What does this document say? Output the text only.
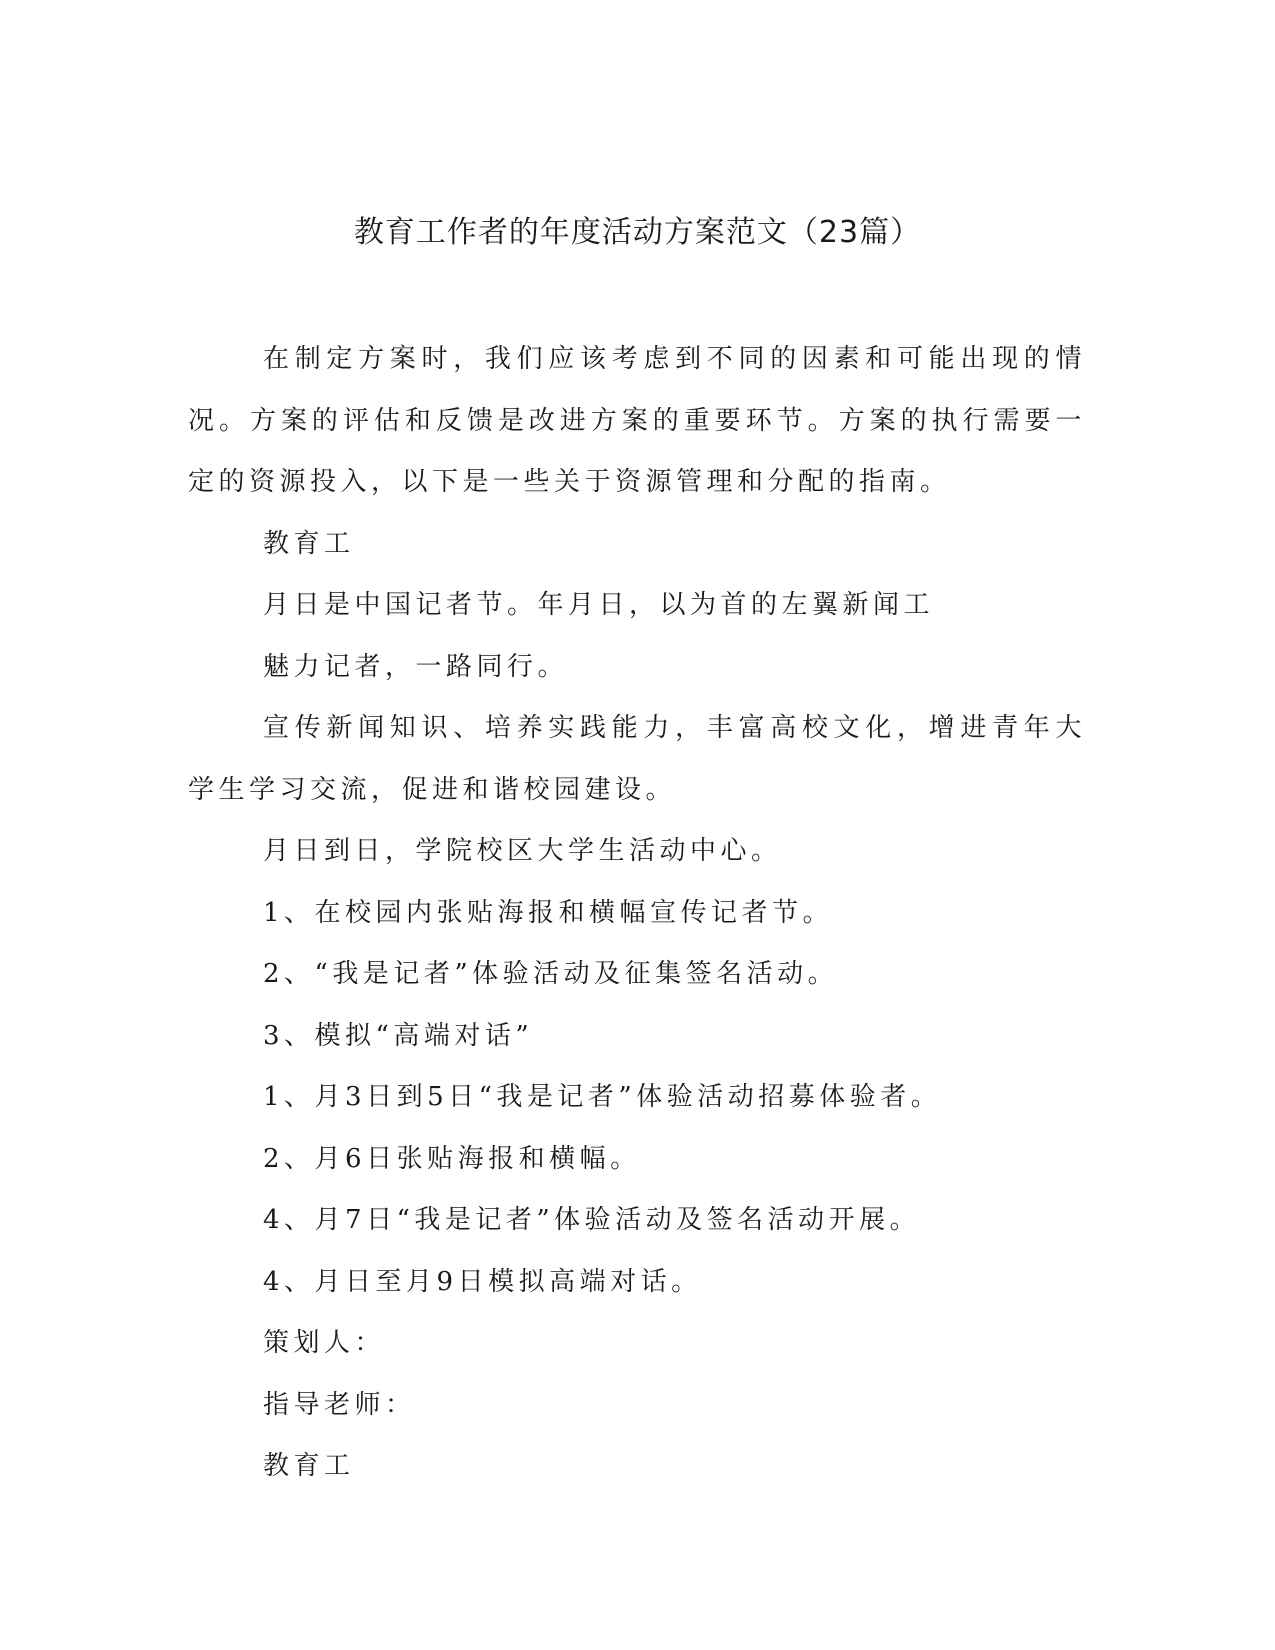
教育工作者的年度活动方案范文（23篇）

在制定方案时，我们应该考虑到不同的因素和可能出现的情况。方案的评估和反馈是改进方案的重要环节。方案的执行需要一定的资源投入，以下是一些关于资源管理和分配的指南。

教育工

月日是中国记者节。年月日，以为首的左翼新闻工

魅力记者，一路同行。

宣传新闻知识、培养实践能力，丰富高校文化，增进青年大学生学习交流，促进和谐校园建设。

月日到日，学院校区大学生活动中心。

1、在校园内张贴海报和横幅宣传记者节。

2、“我是记者”体验活动及征集签名活动。

3、模拟“高端对话”

1、月3日到5日“我是记者”体验活动招募体验者。

2、月6日张贴海报和横幅。

4、月7日“我是记者”体验活动及签名活动开展。

4、月日至月9日模拟高端对话。

策划人：

指导老师：

教育工
